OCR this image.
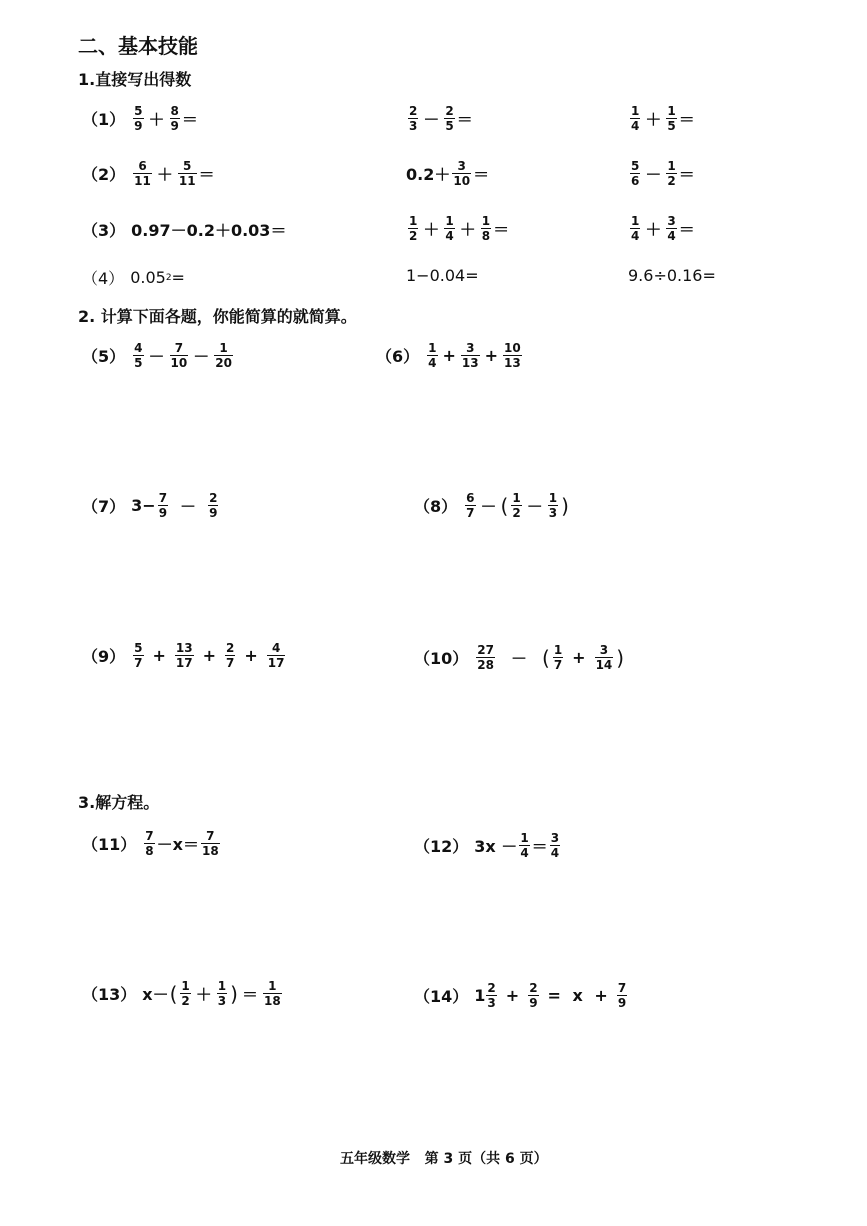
二、基本技能
1.直接写出得数
$(1) \frac{5}{9} + \frac{8}{9}$ ＝	$\frac{2}{3} - \frac{2}{5}$ ＝	$\frac{1}{4} + \frac{1}{5}$ ＝
$(2) \frac{6}{11} + \frac{5}{11}$ ＝	$0.2+ \frac{3}{10}$ ＝	$\frac{5}{6} - \frac{1}{2}$ ＝
（3） 0.97－0.2＋0.03＝	$\frac{1}{2} + \frac{1}{4} + \frac{1}{8}$ ＝	$\frac{1}{4} + \frac{3}{4}$ ＝
（4） 0.05 2 =	1−0.04=	9.6÷0.16=
2. 计算下面各题，你能简算的就简算。
$(5) \frac{4}{5} - \frac{7}{10} - \frac{1}{20}$	$(6) \frac{1}{4} + \frac{3}{13} + \frac{10}{13}$
（7） $3- \frac{7}{9} - \frac{2}{9}$	$(8) \frac{6}{7}$ － ( $\frac{1}{2} - \frac{1}{3}$ )
$(9) \frac{5}{7} + \frac{13}{17} + \frac{2}{7} + \frac{4}{17}$	$(10) \frac{27}{28}$ － ( $\frac{1}{7} + \frac{3}{14}$ )
3.解方程。
$(11) \frac{7}{8} -x= \frac{7}{18}$	（12） $3x - \frac{1}{4} = \frac{3}{4}$
（13） x－ ( $\frac{1}{2} + \frac{1}{3}$ ) ＝ $\frac{1}{18}$	（14） $1 \frac{2}{3} + \frac{2}{9} = x + \frac{7}{9}$
五年级数学   第 3 页（共 6 页）
